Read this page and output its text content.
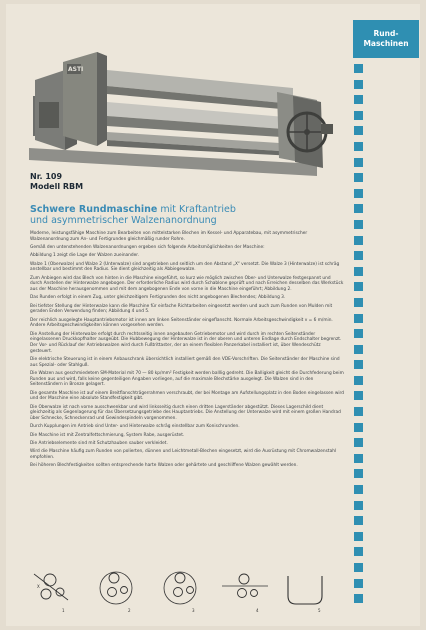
ASTI
Rund-
Maschinen
Nr. 109
Modell RBM
Schwere Rundmaschine mit Kraftantrieb
und asymmetrischer Walzenanordnung

Moderne, leistungsfähige Maschine zum Bearbeiten von mittelstarken Blechen im Kessel- und Apparatebau, mit asymmetrischer Walzenanordnung zum An- und Fertigrunden gleichmäßig runder Rohre.

Gemäß den untenstehenden Walzenanordnungen ergeben sich folgende Arbeitsmöglichkeiten der Maschine:

Abbildung 1 zeigt die Lage der Walzen zueinander.

Walze 1 (Oberwalze) und Walze 2 (Unterwalze) sind angetrieben und seitlich um den Abstand „X“ versetzt. Die Walze 3 (Hinterwalze) ist schräg anstellbar und bestimmt den Radius. Sie dient gleichzeitig als Abbiegewalze.

Zum Anbiegen wird das Blech von hinten in die Maschine eingeführt, so kurz wie möglich zwischen Ober- und Unterwalze festgespannt und durch Anstellen der Hinterwalze angebogen. Der erforderliche Radius wird durch Schablone geprüft und nach Erreichen desselben das Werkstück aus der Maschine herausgenommen und mit dem angebogenen Ende von vorne in die Maschine eingeführt; Abbildung 2.

Das Runden erfolgt in einem Zug, unter gleichzeitigem Fertigrunden des nicht angebogenen Blechendes; Abbildung 3.

Bei tiefster Stellung der Hinterwalze kann die Maschine für einfache Richtarbeiten eingesetzt werden und auch zum Runden von Mulden mit geraden Enden Verwendung finden; Abbildung 4 und 5.

Der reichlich ausgelegte Hauptantriebsmotor ist innen am linken Seitenständer eingeflanscht. Normale Arbeitsgeschwindigkeit v = 6 m/min. Andere Arbeitsgeschwindigkeiten können vorgesehen werden.

Die Anstellung der Hinterwalze erfolgt durch rechtsseitig innen angebauten Getriebemotor und wird durch im rechten Seitenständer eingelassenen Druckkopfhalter ausgeübt. Die Hubbewegung der Hinterwalze ist in der oberen und unteren Endlage durch Endschalter begrenzt. Der Vor- und Rücklauf der Antriebswalzen wird durch Fußtrittaster, der an einem flexiblen Panzerkabel installiert ist, über Wendeschütz gesteuert.

Die elektrische Steuerung ist in einem Anbauschrank übersichtlich installiert gemäß den VDE-Vorschriften. Die Seitenständer der Maschine sind aus Spezial- oder Stahlguß.

Die Walzen aus geschmiedetem SM-Material mit 70 — 80 kp/mm² Festigkeit werden balllig gedreht. Die Balligkeit gleicht die Durchfederung beim Runden aus und wird, falls keine gegenteiligen Angaben vorliegen, auf die maximale Blechstärke ausgelegt. Die Walzen sind in den Seitenständern in Bronze gelagert.

Die gesamte Maschine ist auf einem Breitflanschträgerrahmen verschraubt, der bei Montage am Aufstellungsplatz in den Boden eingelassen wird und der Maschine eine absolute Standfestigkeit gibt.

Die Oberwalze ist nach vorne ausschwenkbar und wird linksseitig durch einen dritten Lagerständer abgestützt. Dieses Lagerschild dient gleichzeitig als Gegenlagerung für das Übersetzungsgetriebe des Hauptantriebs. Die Anstellung der Unterwalze wird mit einem großen Handrad über Schnecke, Schneckenrad und Gewindespindeln vorgenommen.

Durch Kupplungen im Antrieb sind Unter- und Hinterwalze schräg einstellbar zum Konischrunden.

Die Maschine ist mit Zentralfettschmierung, System Rabe, ausgerüstet.

Die Antriebselemente sind mit Schutzhauben sauber verkleidet.

Wird die Maschine häufig zum Runden von polierten, dünnen und Leichtmetall-Blechen eingesetzt, wird die Ausrüstung mit Chromwalzenstahl empfohlen.

Bei höheren Blechfestigkeiten sollten entsprechende harte Walzen oder gehärtete und geschliffene Walzen gewählt werden.

X
1	2	3	4	5
